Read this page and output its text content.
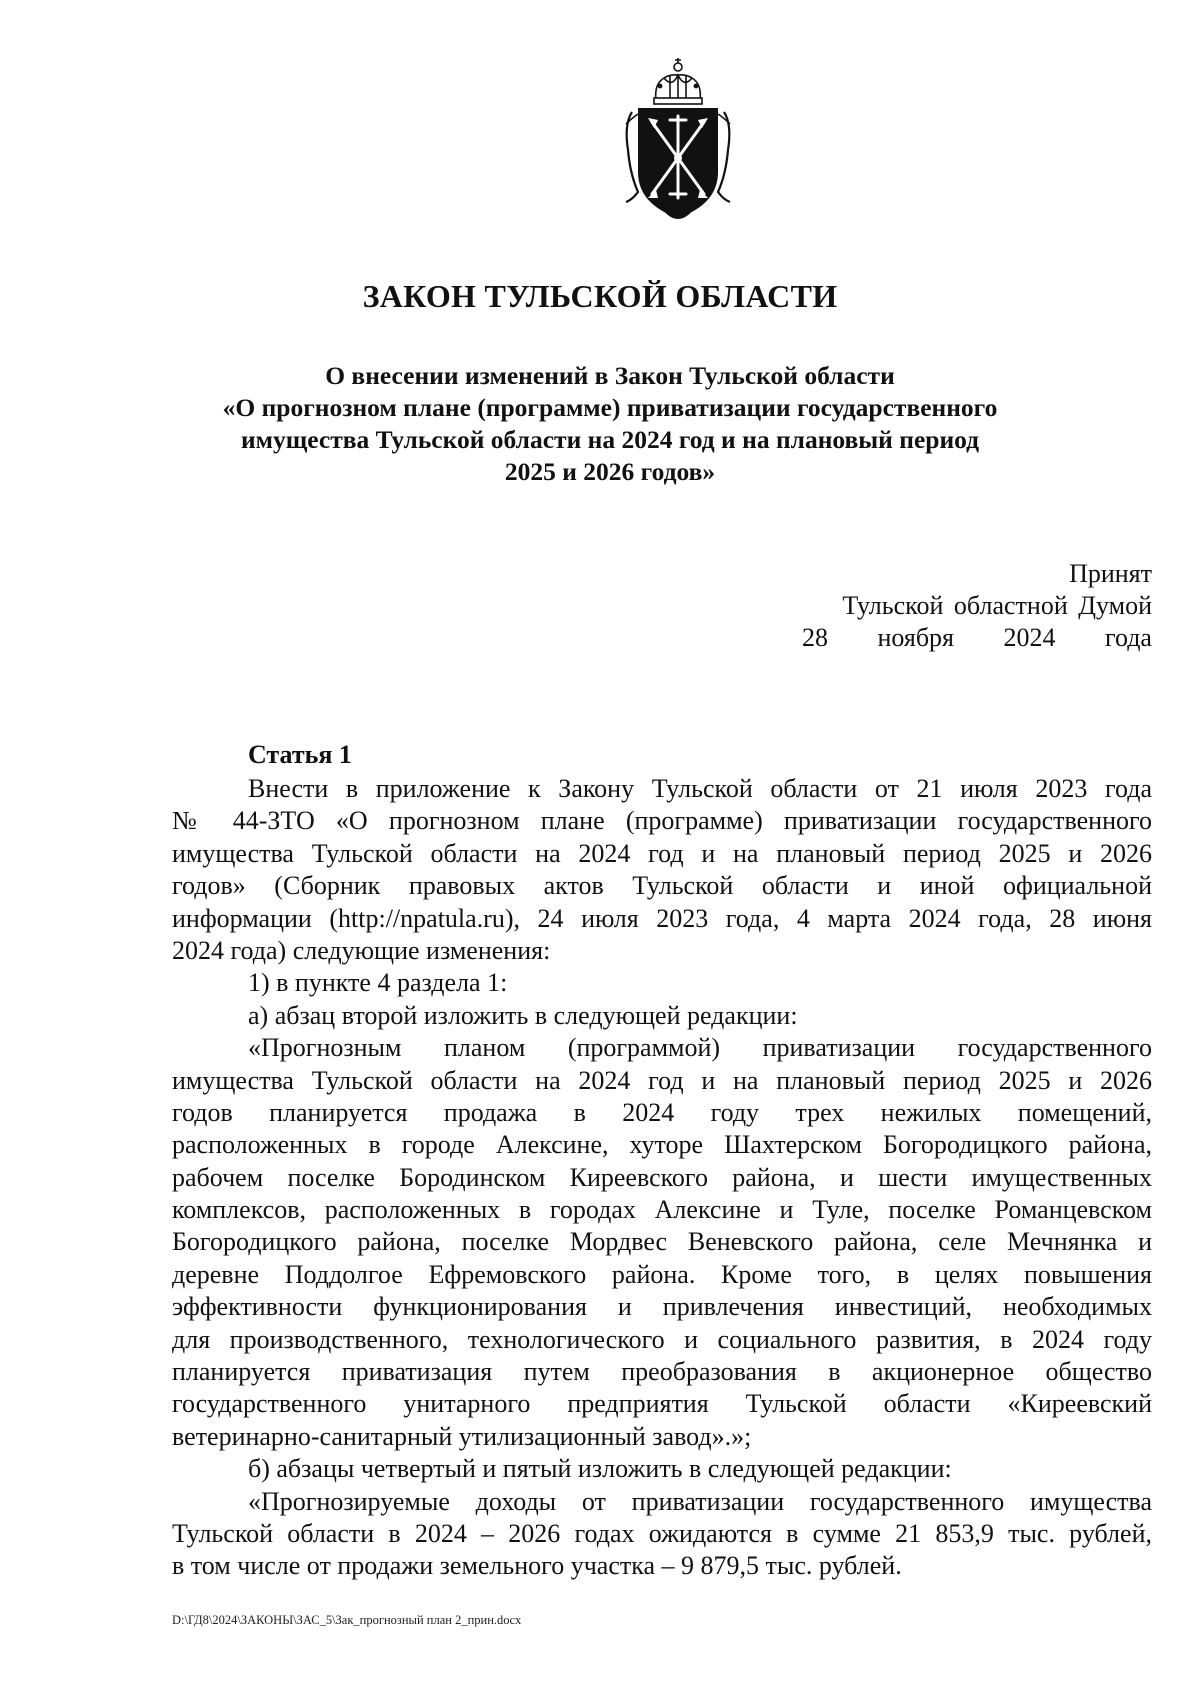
ЗАКОН ТУЛЬСКОЙ ОБЛАСТИ
О внесении изменений в Закон Тульской области
«О прогнозном плане (программе) приватизации государственного
имущества Тульской области на 2024 год и на плановый период
2025 и 2026 годов»
Принят
Тульской областной Думой
28 ноября 2024 года
Статья 1
Внести в приложение к Закону Тульской области от 21 июля 2023 года
№ 44-ЗТО «О прогнозном плане (программе) приватизации государственного
имущества Тульской области на 2024 год и на плановый период 2025 и 2026
годов» (Сборник правовых актов Тульской области и иной официальной
информации (http://npatula.ru), 24 июля 2023 года, 4 марта 2024 года, 28 июня
2024 года) следующие изменения:
1) в пункте 4 раздела 1:
а) абзац второй изложить в следующей редакции:
«Прогнозным планом (программой) приватизации государственного
имущества Тульской области на 2024 год и на плановый период 2025 и 2026
годов планируется продажа в 2024 году трех нежилых помещений,
расположенных в городе Алексине, хуторе Шахтерском Богородицкого района,
рабочем поселке Бородинском Киреевского района, и шести имущественных
комплексов, расположенных в городах Алексине и Туле, поселке Романцевском
Богородицкого района, поселке Мордвес Веневского района, селе Мечнянка и
деревне Поддолгое Ефремовского района. Кроме того, в целях повышения
эффективности функционирования и привлечения инвестиций, необходимых
для производственного, технологического и социального развития, в 2024 году
планируется приватизация путем преобразования в акционерное общество
государственного унитарного предприятия Тульской области «Киреевский
ветеринарно-санитарный утилизационный завод».»;
б) абзацы четвертый и пятый изложить в следующей редакции:
«Прогнозируемые доходы от приватизации государственного имущества
Тульской области в 2024 – 2026 годах ожидаются в сумме 21 853,9 тыс. рублей,
в том числе от продажи земельного участка – 9 879,5 тыс. рублей.
D:\ГД8\2024\ЗАКОНЫ\ЗАС_5\Зак_прогнозный план 2_прин.docx
